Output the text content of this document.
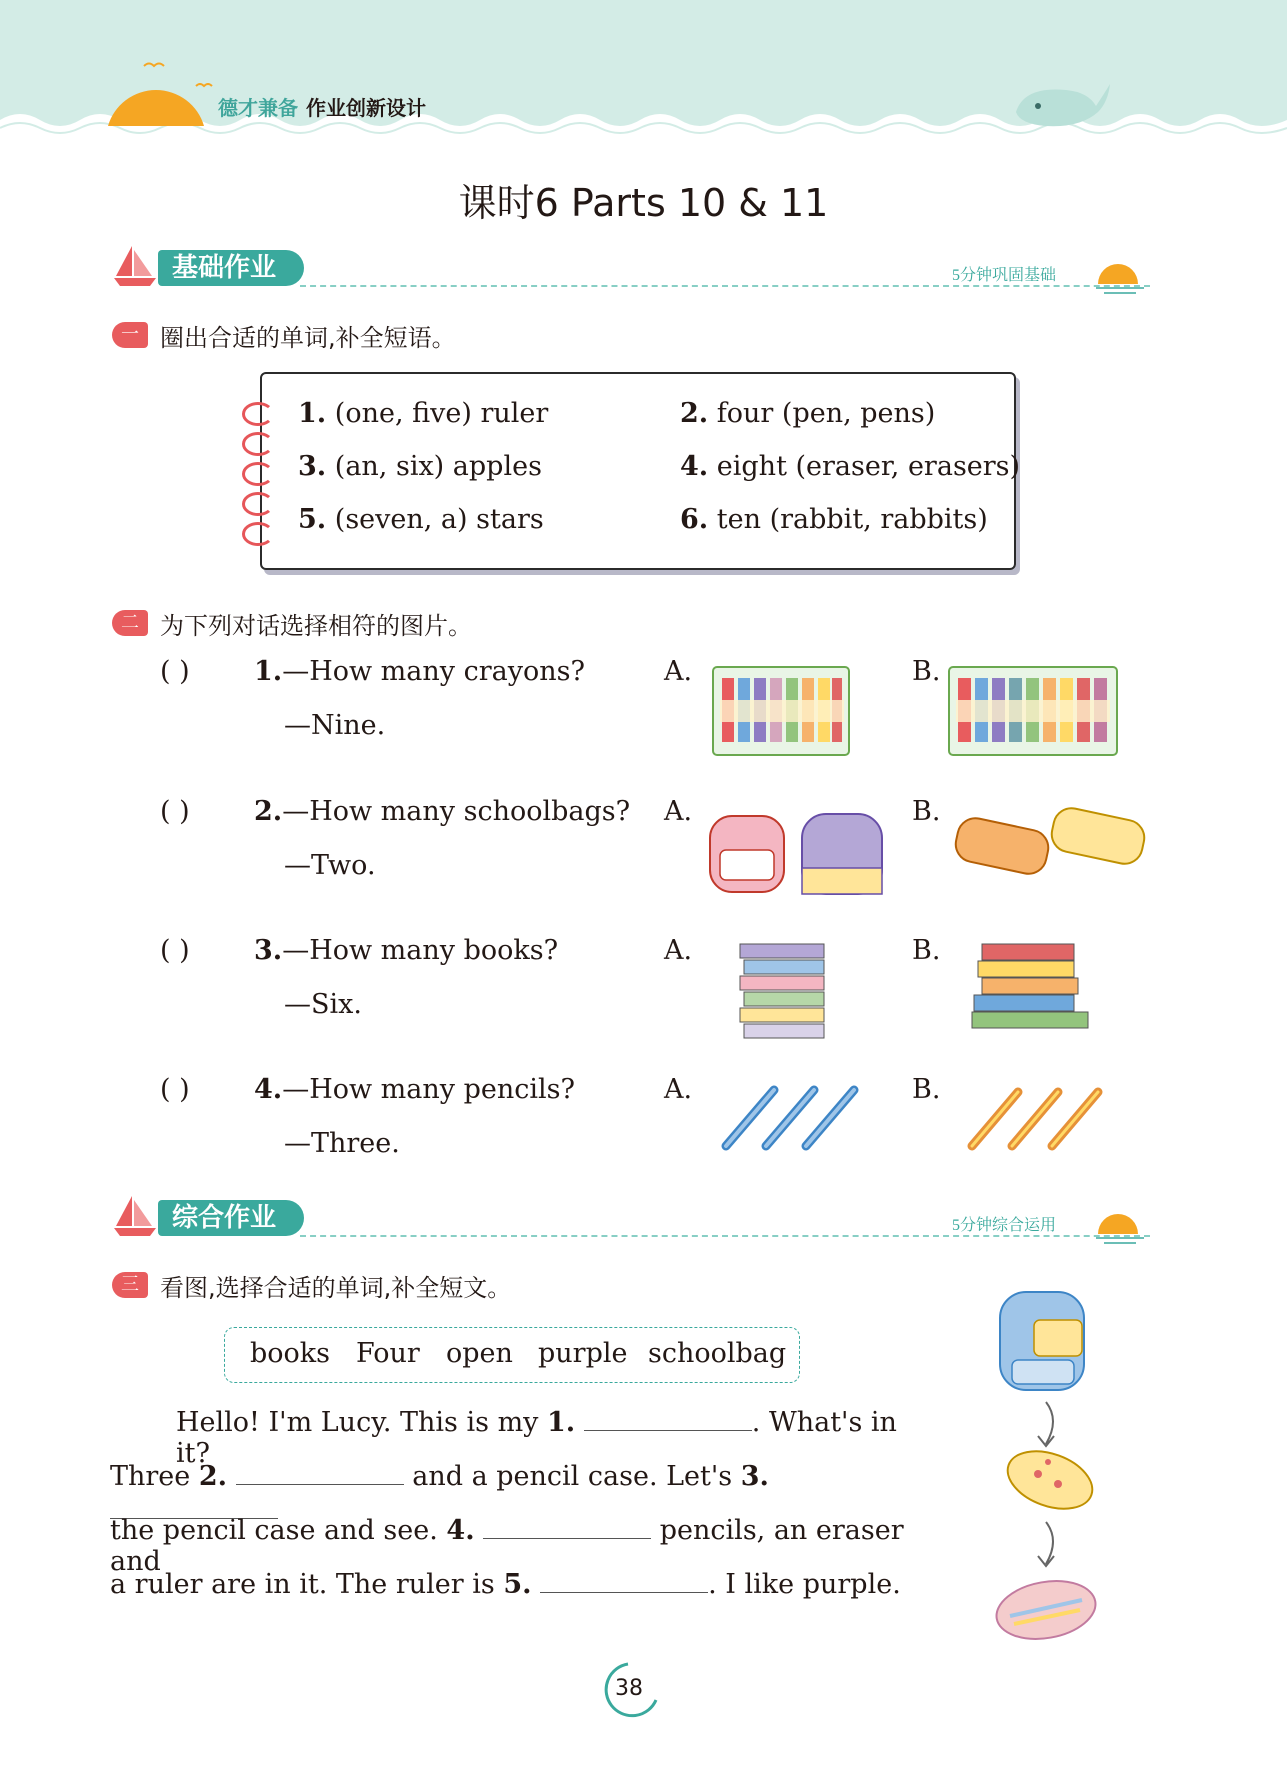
德才兼备 作业创新设计
课时6 Parts 10 & 11
基础作业	5分钟巩固基础
一 圈出合适的单词,补全短语。
1. (one, five) ruler	2. four (pen, pens)
3. (an, six) apples	4. eight (eraser, erasers)
5. (seven, a) stars	6. ten (rabbit, rabbits)
二 为下列对话选择相符的图片。
( ) 1.—How many crayons?
—Nine.
A.	B.
( ) 2.—How many schoolbags?
—Two.
A.	B.
( ) 3.—How many books?
—Six.
A.	B.
( ) 4.—How many pencils?
—Three.
A.	B.
综合作业	5分钟综合运用
三 看图,选择合适的单词,补全短文。
books Four open purple schoolbag
Hello! I'm Lucy. This is my 1.	. What's in it?
Three 2.	and a pencil case. Let's 3.
the pencil case and see. 4.	pencils, an eraser and
a ruler are in it. The ruler is 5.	. I like purple.
38
